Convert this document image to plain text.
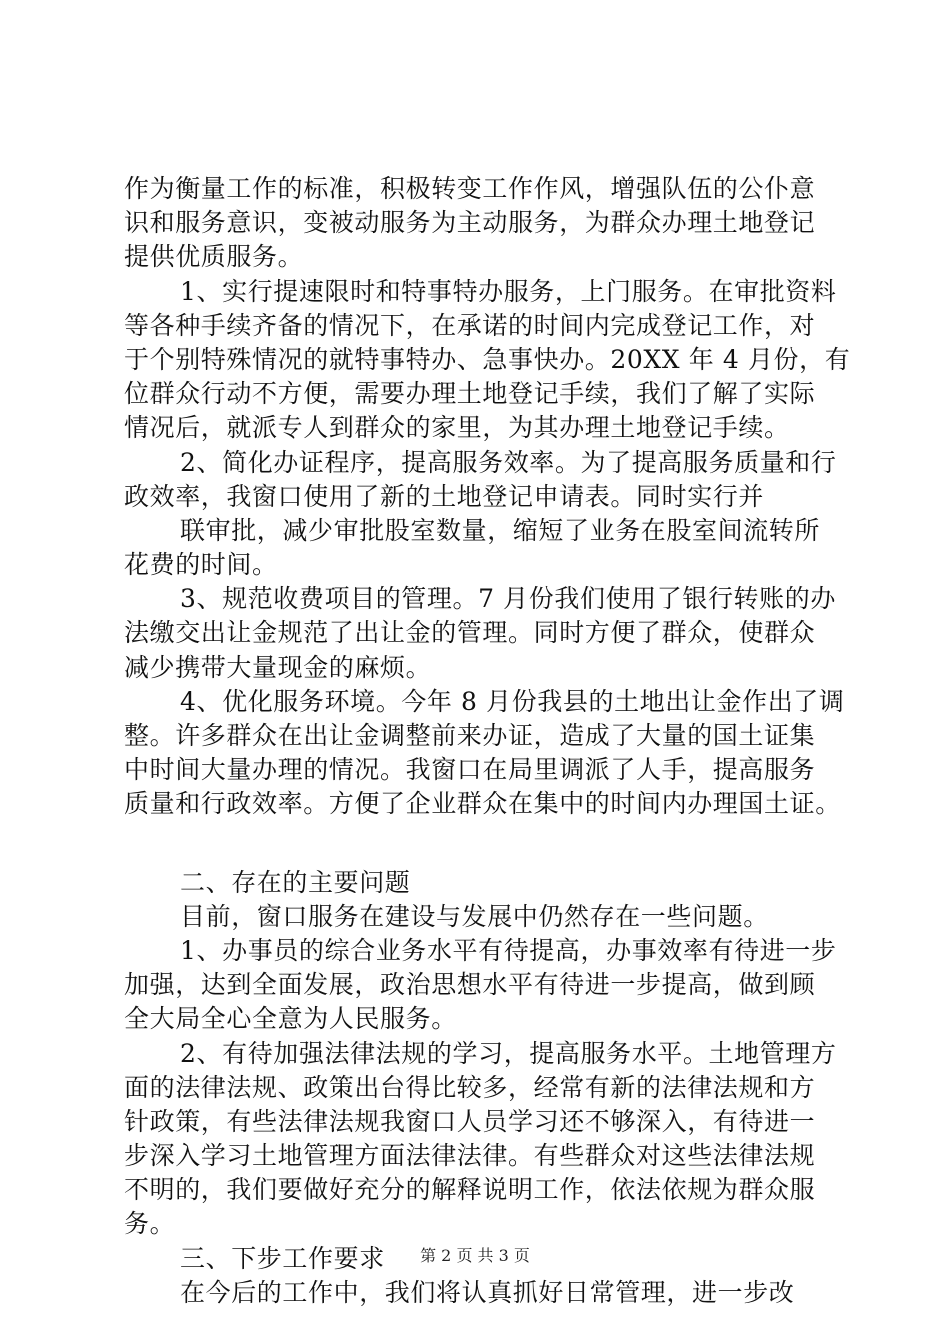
作为衡量工作的标准，积极转变工作作风，增强队伍的公仆意
识和服务意识，变被动服务为主动服务，为群众办理土地登记
提供优质服务。
1、实行提速限时和特事特办服务，上门服务。在审批资料
等各种手续齐备的情况下，在承诺的时间内完成登记工作，对
于个别特殊情况的就特事特办、急事快办。20XX 年 4 月份，有
位群众行动不方便，需要办理土地登记手续，我们了解了实际
情况后，就派专人到群众的家里，为其办理土地登记手续。
2、简化办证程序，提高服务效率。为了提高服务质量和行
政效率，我窗口使用了新的土地登记申请表。同时实行并
联审批，减少审批股室数量，缩短了业务在股室间流转所
花费的时间。
3、规范收费项目的管理。7 月份我们使用了银行转账的办
法缴交出让金规范了出让金的管理。同时方便了群众，使群众
减少携带大量现金的麻烦。
4、优化服务环境。今年 8 月份我县的土地出让金作出了调
整。许多群众在出让金调整前来办证，造成了大量的国土证集
中时间大量办理的情况。我窗口在局里调派了人手，提高服务
质量和行政效率。方便了企业群众在集中的时间内办理国土证。
二、存在的主要问题
目前，窗口服务在建设与发展中仍然存在一些问题。
1、办事员的综合业务水平有待提高，办事效率有待进一步
加强，达到全面发展，政治思想水平有待进一步提高，做到顾
全大局全心全意为人民服务。
2、有待加强法律法规的学习，提高服务水平。土地管理方
面的法律法规、政策出台得比较多，经常有新的法律法规和方
针政策，有些法律法规我窗口人员学习还不够深入，有待进一
步深入学习土地管理方面法律法律。有些群众对这些法律法规
不明的，我们要做好充分的解释说明工作，依法依规为群众服
务。
三、下步工作要求
在今后的工作中，我们将认真抓好日常管理，进一步改
第 2 页 共 3 页
